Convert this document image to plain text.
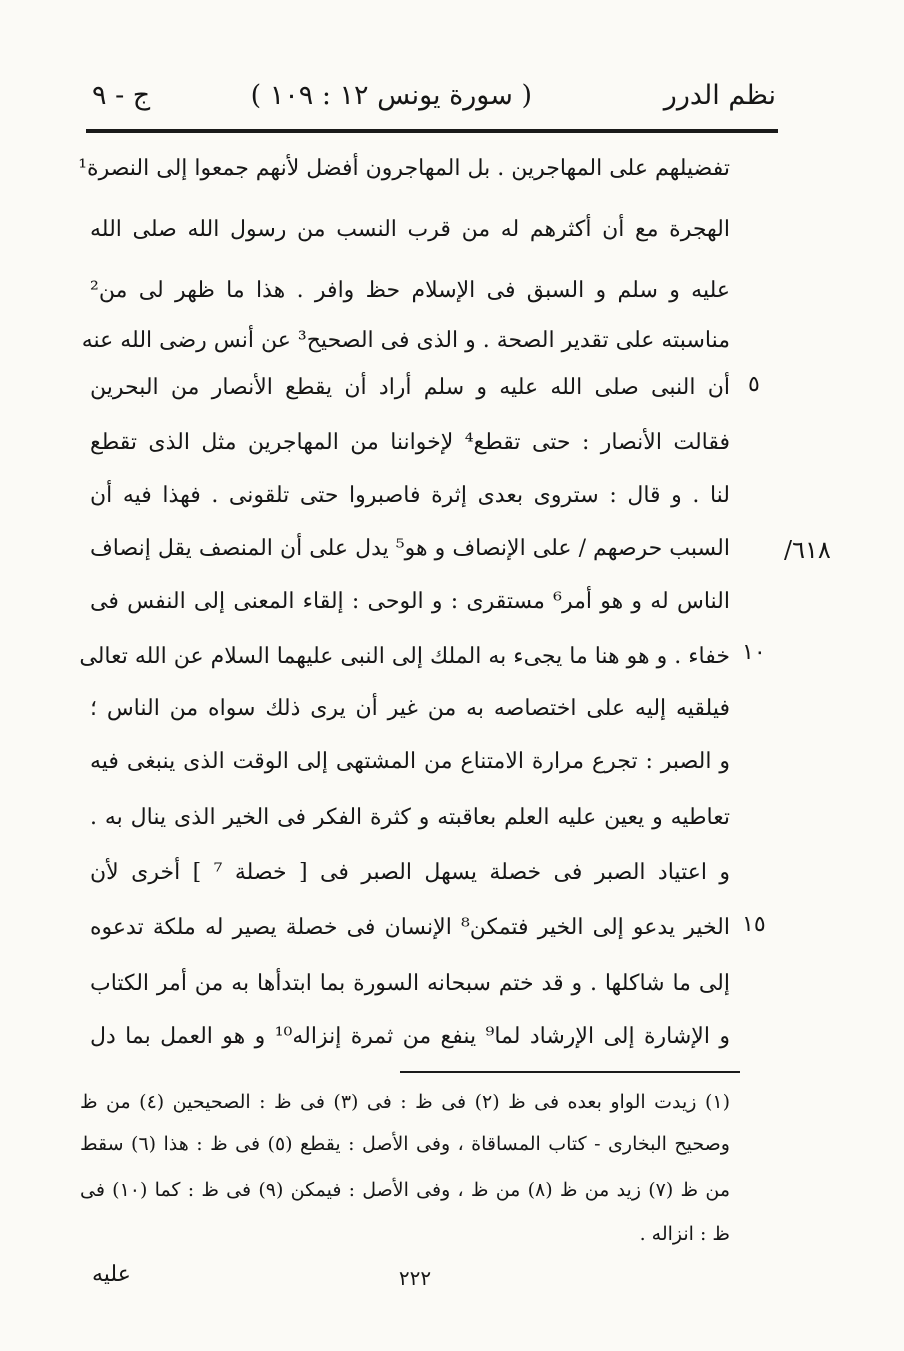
نظم الدرر
( سورة يونس ١٢ : ١٠٩ )
ج - ٩
تفضيلهم على المهاجرين . بل المهاجرون أفضل لأنهم جمعوا إلى النصرة¹
الهجرة مع أن أكثرهم له من قرب النسب من رسول الله صلى الله
عليه و سلم و السبق فى الإسلام حظ وافر . هذا ما ظهر لى من²
مناسبته على تقدير الصحة . و الذى فى الصحيح³ عن أنس رضى الله عنه
أن النبى صلى الله عليه و سلم أراد أن يقطع الأنصار من البحرين
فقالت الأنصار : حتى تقطع⁴ لإخواننا من المهاجرين مثل الذى تقطع
لنا . و قال : ستروى بعدى إثرة فاصبروا حتى تلقونى . فهذا فيه أن
السبب حرصهم / على الإنصاف و هو⁵ يدل على أن المنصف يقل إنصاف
الناس له و هو أمر⁶ مستقرى : و الوحى : إلقاء المعنى إلى النفس فى
خفاء . و هو هنا ما يجىء به الملك إلى النبى عليهما السلام عن الله تعالى
فيلقيه إليه على اختصاصه به من غير أن يرى ذلك سواه من الناس ؛
و الصبر : تجرع مرارة الامتناع من المشتهى إلى الوقت الذى ينبغى فيه
تعاطيه و يعين عليه العلم بعاقبته و كثرة الفكر فى الخير الذى ينال به .
و اعتياد الصبر فى خصلة يسهل الصبر فى [ خصلة ⁷ ] أخرى لأن
الخير يدعو إلى الخير فتمكن⁸ الإنسان فى خصلة يصير له ملكة تدعوه
إلى ما شاكلها . و قد ختم سبحانه السورة بما ابتدأها به من أمر الكتاب
و الإشارة إلى الإرشاد لما⁹ ينفع من ثمرة إنزاله¹⁰ و هو العمل بما دل
٥
١٠
١٥
٦١٨/
(١) زيدت الواو بعده فى ظ (٢) فى ظ : فى (٣) فى ظ : الصحيحين (٤) من ظ
وصحيح البخارى - كتاب المساقاة ، وفى الأصل : يقطع (٥) فى ظ : هذا (٦) سقط
من ظ (٧) زيد من ظ (٨) من ظ ، وفى الأصل : فيمكن (٩) فى ظ : كما (١٠) فى
ظ : انزاله .
عليه	٢٢٢
